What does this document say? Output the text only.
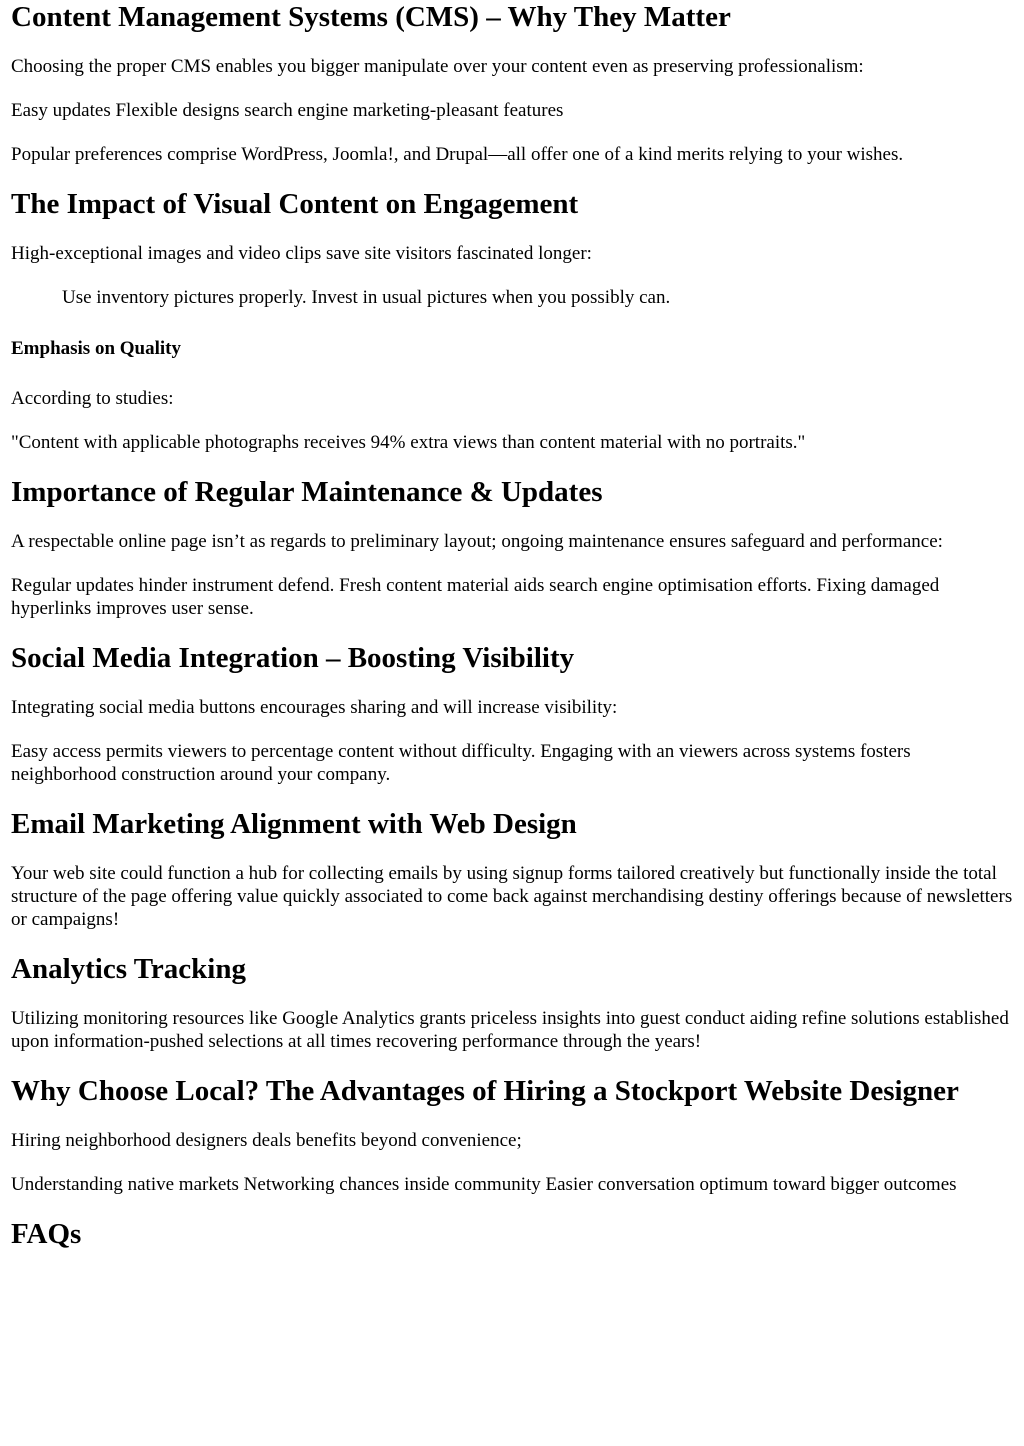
Content Management Systems (CMS) – Why They Matter

Choosing the proper CMS enables you bigger manipulate over your content even as preserving professionalism:

Easy updates Flexible designs search engine marketing-pleasant features

Popular preferences comprise WordPress, Joomla!, and Drupal—all offer one of a kind merits relying to your wishes.

The Impact of Visual Content on Engagement

High-exceptional images and video clips save site visitors fascinated longer:

Use inventory pictures properly. Invest in usual pictures when you possibly can.
Emphasis on Quality

According to studies:

"Content with applicable photographs receives 94% extra views than content material with no portraits."

Importance of Regular Maintenance & Updates

A respectable online page isn’t as regards to preliminary layout; ongoing maintenance ensures safeguard and performance:

Regular updates hinder instrument defend. Fresh content material aids search engine optimisation efforts. Fixing damaged hyperlinks improves user sense.

Social Media Integration – Boosting Visibility

Integrating social media buttons encourages sharing and will increase visibility:

Easy access permits viewers to percentage content without difficulty. Engaging with an viewers across systems fosters neighborhood construction around your company.

Email Marketing Alignment with Web Design

Your web site could function a hub for collecting emails by using signup forms tailored creatively but functionally inside the total structure of the page offering value quickly associated to come back against merchandising destiny offerings because of newsletters or campaigns!

Analytics Tracking

Utilizing monitoring resources like Google Analytics grants priceless insights into guest conduct aiding refine solutions established upon information-pushed selections at all times recovering performance through the years!

Why Choose Local? The Advantages of Hiring a Stockport Website Designer

Hiring neighborhood designers deals benefits beyond convenience;

Understanding native markets Networking chances inside community Easier conversation optimum toward bigger outcomes

FAQs
